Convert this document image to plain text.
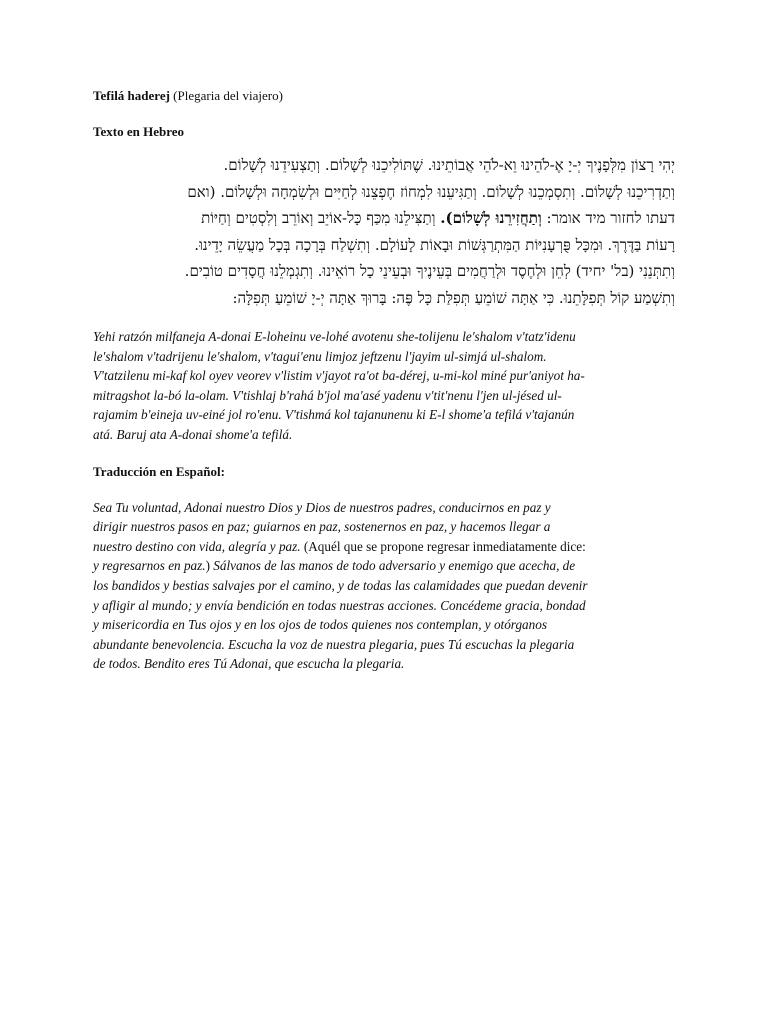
Tefilá haderej (Plegaria del viajero)

Texto en Hebreo

יְהִי רָצוֹן מִלְּפָנֶיךָ יְ-יָ אֶ-לֹהֵינוּ וֵא-לֹהֵי אֲבוֹתֵינוּ. שֶׁתּוֹלִיכֵנוּ לְשָׁלוֹם. וְתַצְעִידֵנוּ לְשָׁלוֹם.
וְתַדְרִיכֵנוּ לְשָׁלוֹם. וְתִסְמְכֵנוּ לְשָׁלוֹם. וְתַגִּיעֵנוּ לִמְחוֹז חֶפְצֵנוּ לְחַיִּים וּלְשִׂמְחָה וּלְשָׁלוֹם. (ואם
דעתו לחזור מיד אומר: וְתַחֲזִירֵנוּ לְשָׁלוֹם). וְתַצִּילֵנוּ מִכַּף כָּל-אוֹיֵב וְאוֹרֵב וְלִסְטִים וְחַיּוֹת
רָעוֹת בַּדֶּרֶךְ. וּמִכָּל פֻּרְעָנִיּוֹת הַמִּתְרַגְּשׁוֹת וּבָאוֹת לָעוֹלָם. וְתִשְׁלַח בְּרָכָה בְּכָל מַעֲשֵׂה יָדֵינוּ.
וְתִתְּנֵנִי (בל' יחיד) לְחֵן וּלְחֶסֶד וּלְרַחֲמִים בְּעֵינֶיךָ וּבְעֵינֵי כָל רוֹאֵינוּ. וְתִגְמְלֵנוּ חֲסָדִים טוֹבִים.
וְתִשְׁמַע קוֹל תְּפִלָּתֵנוּ. כִּי אַתָּה שׁוֹמֵעַ תְּפִלַּת כָּל פֶּה: בָּרוּךְ אַתָּה יְ-יָ שׁוֹמֵעַ תְּפִלָּה:
Yehi ratzón milfaneja A-donai E-loheinu ve-lohé avotenu she-tolijenu le'shalom v'tatz'idenu
le'shalom v'tadrijenu le'shalom, v'tagui'enu limjoz jeftzenu l'jayim ul-simjá ul-shalom.
V'tatzilenu mi-kaf kol oyev veorev v'listim v'jayot ra'ot ba-dérej, u-mi-kol miné pur'aniyot ha-
mitragshot la-bó la-olam. V'tishlaj b'rahá b'jol ma'asé yadenu v'tit'nenu l'jen ul-jésed ul-
rajamim b'eineja uv-einé jol ro'enu. V'tishmá kol tajanunenu ki E-l shome'a tefilá v'tajanún
atá. Baruj ata A-donai shome'a tefilá.

Traducción en Español:

Sea Tu voluntad, Adonai nuestro Dios y Dios de nuestros padres, conducirnos en paz y
dirigir nuestros pasos en paz; guiarnos en paz, sostenernos en paz, y hacemos llegar a
nuestro destino con vida, alegría y paz. (Aquél que se propone regresar inmediatamente dice:
y regresarnos en paz.) Sálvanos de las manos de todo adversario y enemigo que acecha, de
los bandidos y bestias salvajes por el camino, y de todas las calamidades que puedan devenir
y afligir al mundo; y envía bendición en todas nuestras acciones. Concédeme gracia, bondad
y misericordia en Tus ojos y en los ojos de todos quienes nos contemplan, y otórganos
abundante benevolencia. Escucha la voz de nuestra plegaria, pues Tú escuchas la plegaria
de todos. Bendito eres Tú Adonai, que escucha la plegaria.
